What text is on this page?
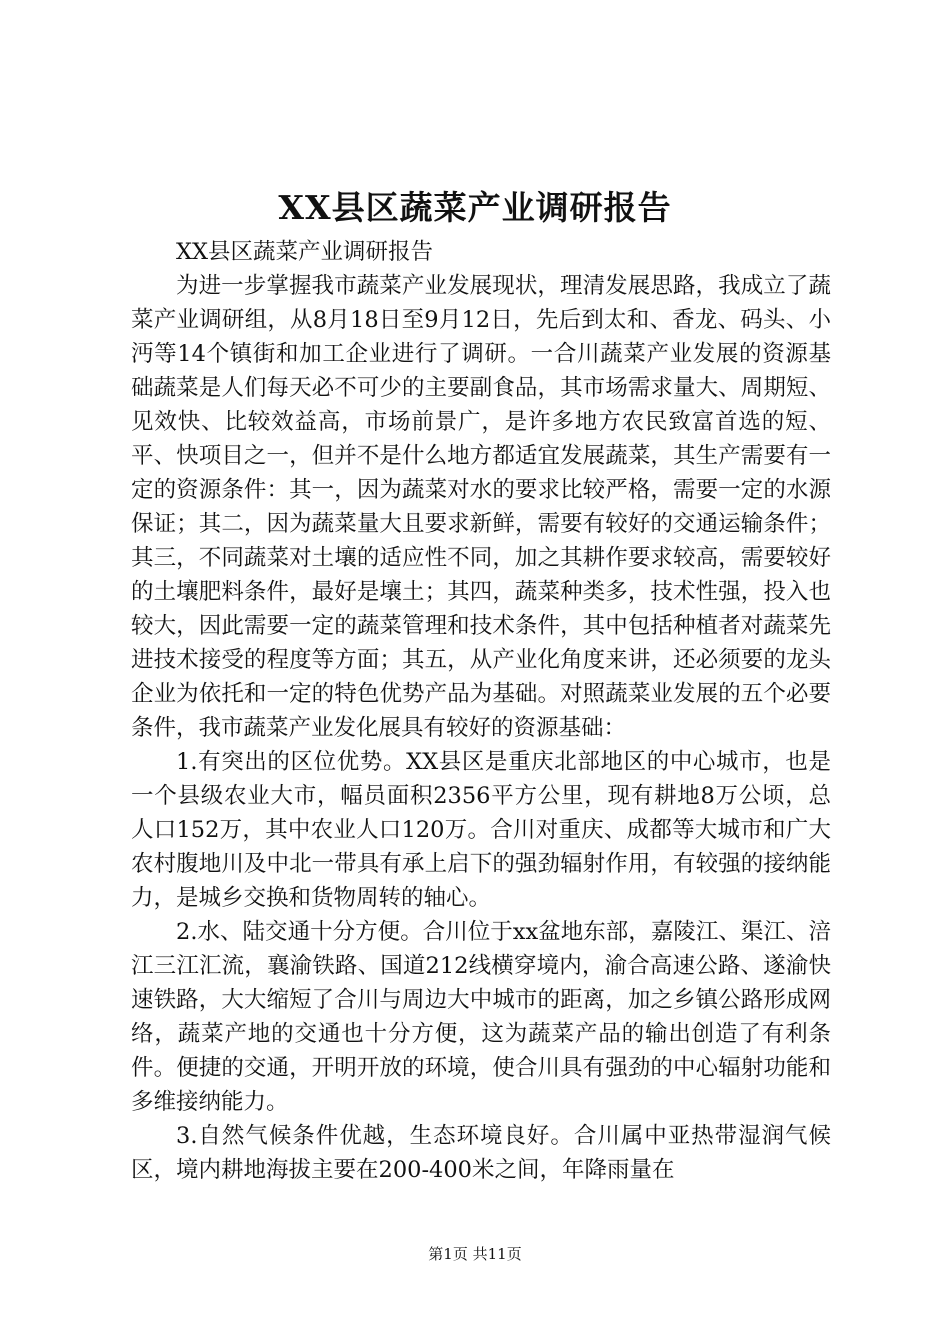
XX县区蔬菜产业调研报告

XX县区蔬菜产业调研报告

为进一步掌握我市蔬菜产业发展现状，理清发展思路，我成立了蔬菜产业调研组，从8月18日至9月12日，先后到太和、香龙、码头、小沔等14个镇街和加工企业进行了调研。一合川蔬菜产业发展的资源基础蔬菜是人们每天必不可少的主要副食品，其市场需求量大、周期短、见效快、比较效益高，市场前景广，是许多地方农民致富首选的短、平、快项目之一，但并不是什么地方都适宜发展蔬菜，其生产需要有一定的资源条件：其一，因为蔬菜对水的要求比较严格，需要一定的水源保证；其二，因为蔬菜量大且要求新鲜，需要有较好的交通运输条件；其三，不同蔬菜对土壤的适应性不同，加之其耕作要求较高，需要较好的土壤肥料条件，最好是壤土；其四，蔬菜种类多，技术性强，投入也较大，因此需要一定的蔬菜管理和技术条件，其中包括种植者对蔬菜先进技术接受的程度等方面；其五，从产业化角度来讲，还必须要的龙头企业为依托和一定的特色优势产品为基础。对照蔬菜业发展的五个必要条件，我市蔬菜产业发化展具有较好的资源基础：

1.有突出的区位优势。XX县区是重庆北部地区的中心城市，也是一个县级农业大市，幅员面积2356平方公里，现有耕地8万公顷，总人口152万，其中农业人口120万。合川对重庆、成都等大城市和广大农村腹地川及中北一带具有承上启下的强劲辐射作用，有较强的接纳能力，是城乡交换和货物周转的轴心。

2.水、陆交通十分方便。合川位于xx盆地东部，嘉陵江、渠江、涪江三江汇流，襄渝铁路、国道212线横穿境内，渝合高速公路、遂渝快速铁路，大大缩短了合川与周边大中城市的距离，加之乡镇公路形成网络，蔬菜产地的交通也十分方便，这为蔬菜产品的输出创造了有利条件。便捷的交通，开明开放的环境，使合川具有强劲的中心辐射功能和多维接纳能力。

3.自然气候条件优越，生态环境良好。合川属中亚热带湿润气候区，境内耕地海拔主要在200-400米之间，年降雨量在

第1页 共11页
